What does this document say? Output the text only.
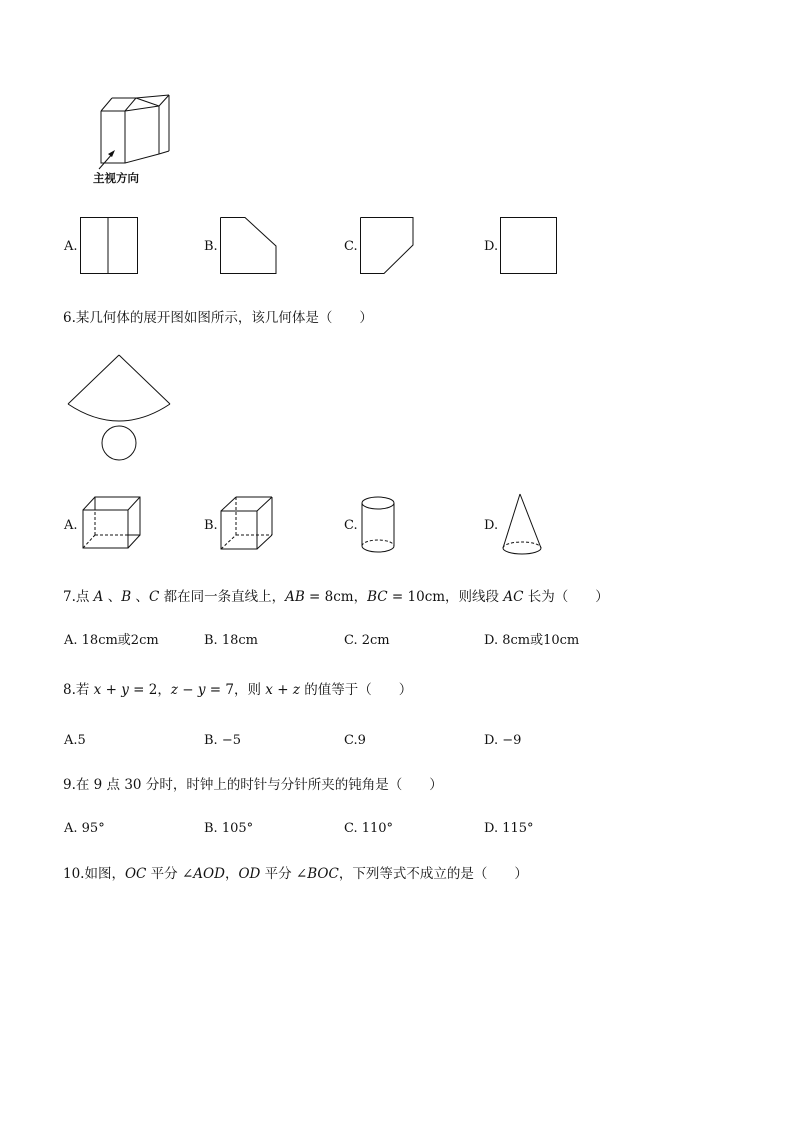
主视方向
A.	B.	C.	D.
6.某几何体的展开图如图所示，该几何体是（　　）
A.	B.	C.	D.
7.点 A 、B 、C 都在同一条直线上，AB = 8cm，BC = 10cm，则线段 AC 长为（　　）
A. 18cm或2cm	B. 18cm	C. 2cm	D. 8cm或10cm
8.若 x + y = 2，z − y = 7，则 x + z 的值等于（　　）
A.5	B. −5	C.9	D. −9
9.在 9 点 30 分时，时钟上的时针与分针所夹的钝角是（　　）
A. 95°	B. 105°	C. 110°	D. 115°
10.如图，OC 平分 ∠AOD，OD 平分 ∠BOC，下列等式不成立的是（　　）
